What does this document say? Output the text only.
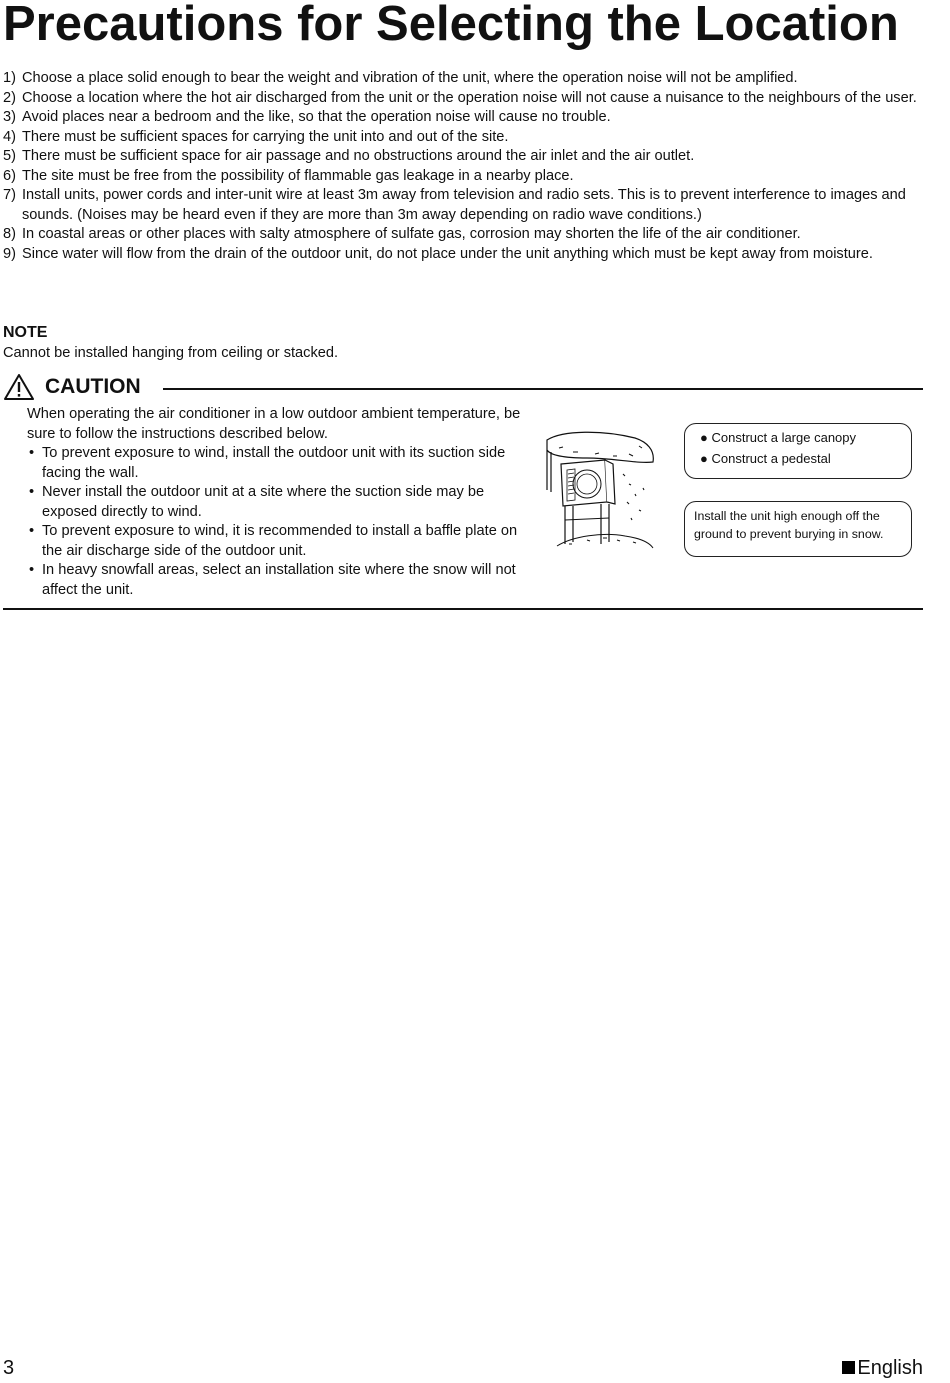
Precautions for Selecting the Location
1) Choose a place solid enough to bear the weight and vibration of the unit, where the operation noise will not be amplified.
2) Choose a location where the hot air discharged from the unit or the operation noise will not cause a nuisance to the neighbours of the user.
3) Avoid places near a bedroom and the like, so that the operation noise will cause no trouble.
4) There must be sufficient spaces for carrying the unit into and out of the site.
5) There must be sufficient space for air passage and no obstructions around the air inlet and the air outlet.
6) The site must be free from the possibility of flammable gas leakage in a nearby place.
7) Install units, power cords and inter-unit wire at least 3m away from television and radio sets. This is to prevent interference to images and sounds. (Noises may be heard even if they are more than 3m away depending on radio wave conditions.)
8) In coastal areas or other places with salty atmosphere of sulfate gas, corrosion may shorten the life of the air conditioner.
9) Since water will flow from the drain of the outdoor unit, do not place under the unit anything which must be kept away from moisture.
NOTE
Cannot be installed hanging from ceiling or stacked.
CAUTION
When operating the air conditioner in a low outdoor ambient temperature, be sure to follow the instructions described below.
• To prevent exposure to wind, install the outdoor unit with its suction side facing the wall.
• Never install the outdoor unit at a site where the suction side may be exposed directly to wind.
• To prevent exposure to wind, it is recommended to install a baffle plate on the air discharge side of the outdoor unit.
• In heavy snowfall areas, select an installation site where the snow will not affect the unit.
● Construct a large canopy
● Construct a pedestal
Install the unit high enough off the ground to prevent burying in snow.
3	English
